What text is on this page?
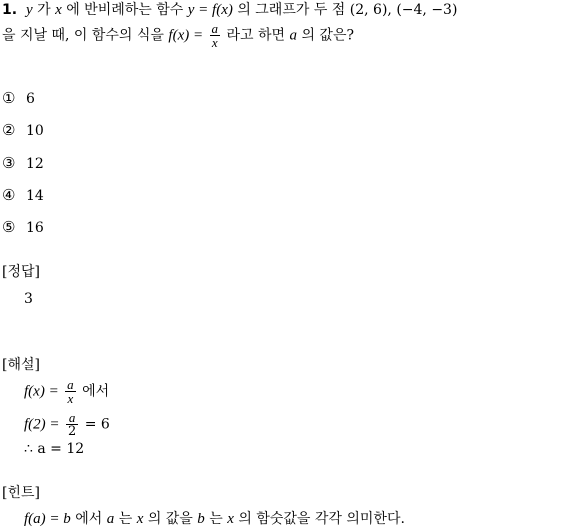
1. y 가 x 에 반비례하는 함수 y = f(x) 의 그래프가 두 점 (2, 6), (−4, −3)
을 지날 때, 이 함수의 식을 $f(x) = \frac{a}{x}$ 라고 하면 a 의 값은?
① 6
② 10
③ 12
④ 14
⑤ 16
[정답]
3
[해설]
$f(x) = \frac{a}{x}$ 에서
$f(2) = \frac{a}{2} = 6$
∴ a = 12
[힌트]
f(a) = b 에서 a 는 x 의 값을 b 는 x 의 함숫값을 각각 의미한다.
